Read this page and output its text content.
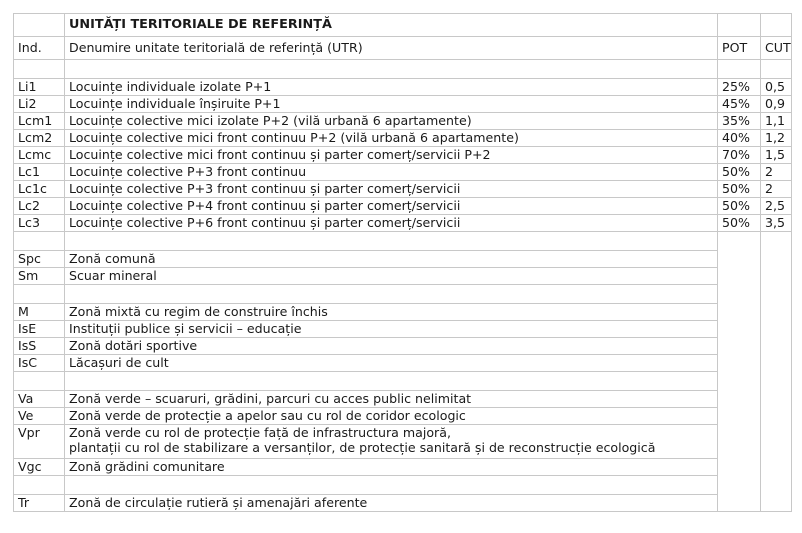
	UNITĂȚI TERITORIALE DE REFERINȚĂ		
Ind.	Denumire unitate teritorială de referință (UTR)	POT	CUT

Li1	Locuințe individuale izolate P+1	25%	0,5
Li2	Locuințe individuale înșiruite P+1	45%	0,9
Lcm1	Locuințe colective mici izolate P+2 (vilă urbană 6 apartamente)	35%	1,1
Lcm2	Locuințe colective mici front continuu P+2 (vilă urbană 6 apartamente)	40%	1,2
Lcmc	Locuințe colective mici front continuu și parter comerț/servicii P+2	70%	1,5
Lc1	Locuințe colective P+3 front continuu	50%	2
Lc1c	Locuințe colective P+3 front continuu și parter comerț/servicii	50%	2
Lc2	Locuințe colective P+4 front continuu și parter comerț/servicii	50%	2,5
Lc3	Locuințe colective P+6 front continuu și parter comerț/servicii	50%	3,5

Spc	Zonă comună		
Sm	Scuar mineral		

M	Zonă mixtă cu regim de construire închis		
IsE	Instituții publice și servicii – educație		
IsS	Zonă dotări sportive		
IsC	Lăcașuri de cult		

Va	Zonă verde – scuaruri, grădini, parcuri cu acces public nelimitat		
Ve	Zonă verde de protecție a apelor sau cu rol de coridor ecologic		
Vpr	Zonă verde cu rol de protecție față de infrastructura majoră,
plantații cu rol de stabilizare a versanților, de protecție sanitară și de reconstrucție ecologică		

Vgc	Zonă grădini comunitare		

Tr	Zonă de circulație rutieră și amenajări aferente		
